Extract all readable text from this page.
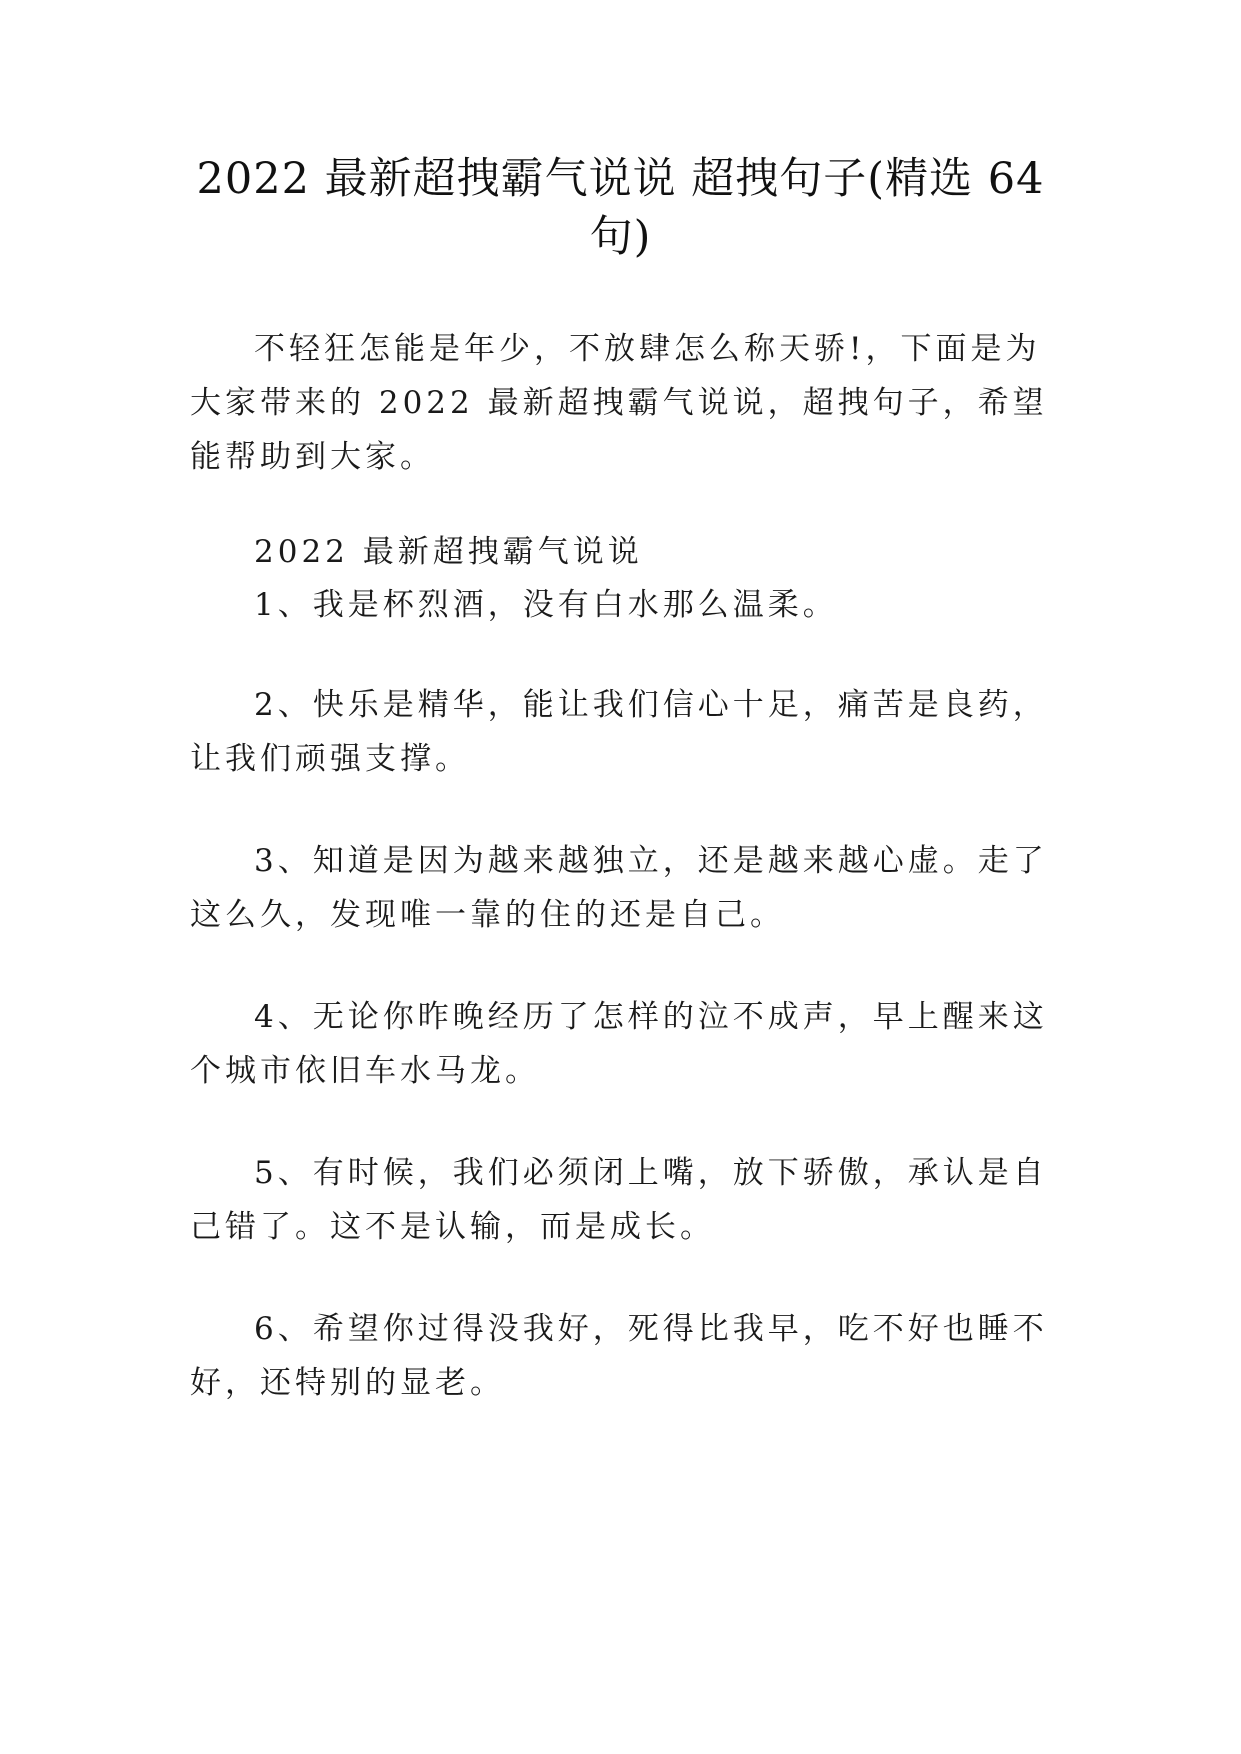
2022 最新超拽霸气说说 超拽句子(精选 64
句)

不轻狂怎能是年少，不放肆怎么称天骄!，下面是为大家带来的 2022 最新超拽霸气说说，超拽句子，希望能帮助到大家。

2022 最新超拽霸气说说

1、我是杯烈酒，没有白水那么温柔。

2、快乐是精华，能让我们信心十足，痛苦是良药，让我们顽强支撑。

3、知道是因为越来越独立，还是越来越心虚。走了这么久，发现唯一靠的住的还是自己。

4、无论你昨晚经历了怎样的泣不成声，早上醒来这个城市依旧车水马龙。

5、有时候，我们必须闭上嘴，放下骄傲，承认是自己错了。这不是认输，而是成长。

6、希望你过得没我好，死得比我早，吃不好也睡不好，还特别的显老。
